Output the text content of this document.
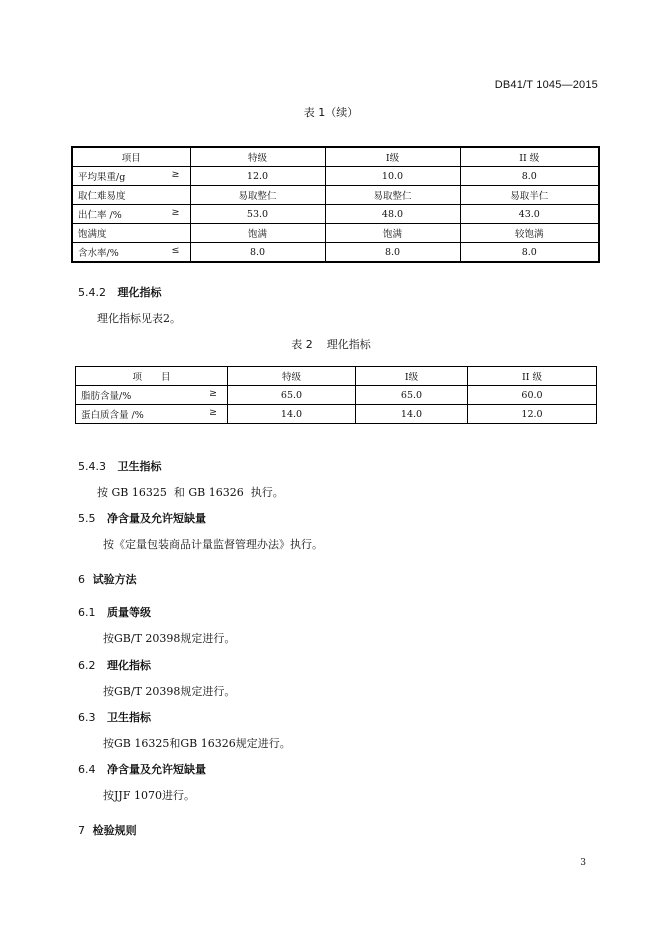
DB41/T 1045—2015
表 1（续）
项目	特级	Ⅰ级	II 级
平均果重/g ≥	12.0	10.0	8.0
取仁难易度	易取整仁	易取整仁	易取半仁
出仁率 /% ≥	53.0	48.0	43.0
饱满度	饱满	饱满	较饱满
含水率/% ≤	8.0	8.0	8.0
5.4.2 理化指标
理化指标见表2。
表 2 理化指标
项　　目	特级	Ⅰ级	II 级
脂肪含量/% ≥	65.0	65.0	60.0
蛋白质含量 /% ≥	14.0	14.0	12.0
5.4.3 卫生指标
按 GB 16325  和 GB 16326  执行。
5.5 净含量及允许短缺量
按《定量包装商品计量监督管理办法》执行。
6 试验方法
6.1 质量等级
按GB/T 20398规定进行。
6.2 理化指标
按GB/T 20398规定进行。
6.3 卫生指标
按GB 16325和GB 16326规定进行。
6.4 净含量及允许短缺量
按JJF 1070进行。
7 检验规则
3
